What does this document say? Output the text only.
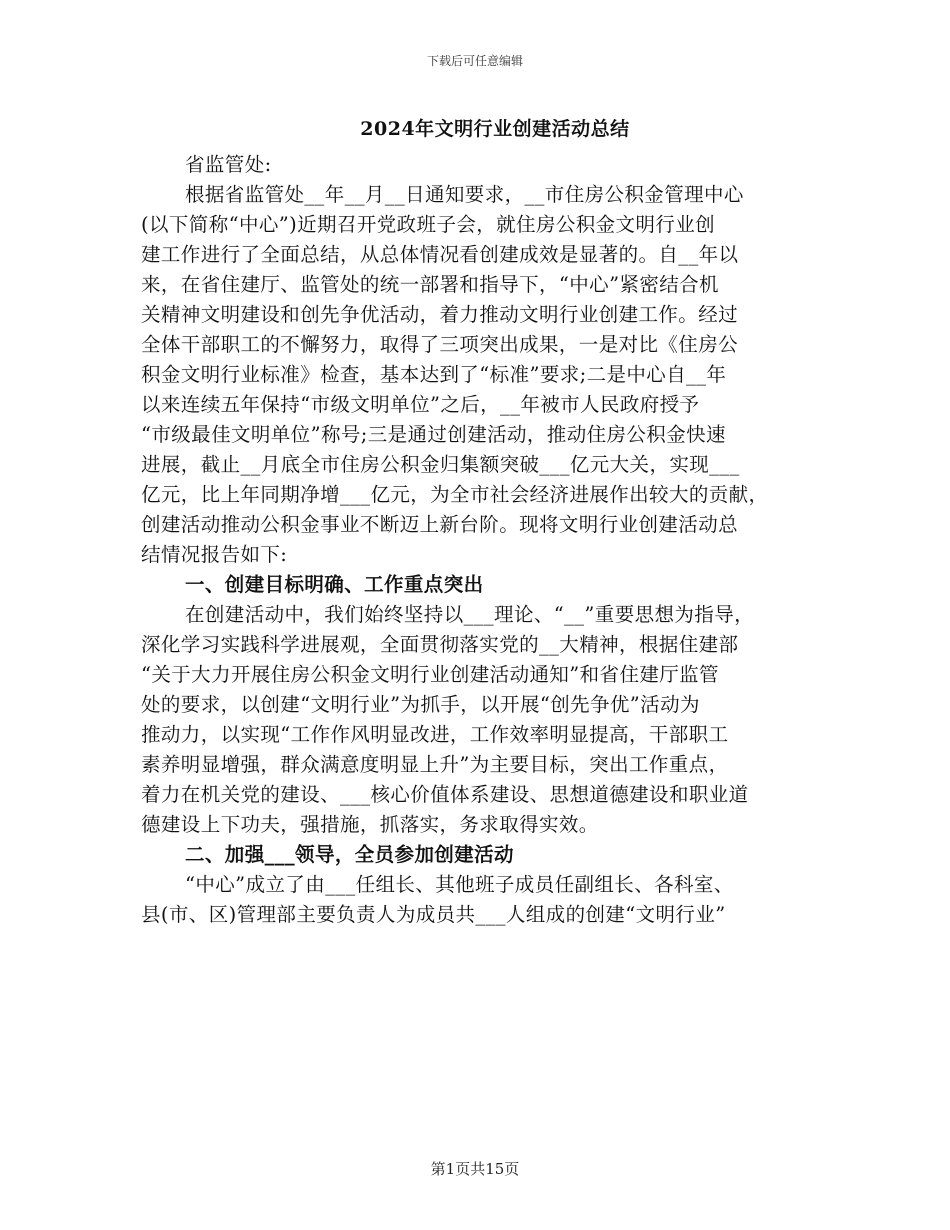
下载后可任意编辑
2024年文明行业创建活动总结
省监管处:
根据省监管处__年__月__日通知要求，__市住房公积金管理中心
(以下简称“中心”)近期召开党政班子会，就住房公积金文明行业创
建工作进行了全面总结，从总体情况看创建成效是显著的。自__年以
来，在省住建厅、监管处的统一部署和指导下，“中心”紧密结合机
关精神文明建设和创先争优活动，着力推动文明行业创建工作。经过
全体干部职工的不懈努力，取得了三项突出成果，一是对比《住房公
积金文明行业标准》检查，基本达到了“标准”要求;二是中心自__年
以来连续五年保持“市级文明单位”之后，__年被市人民政府授予
“市级最佳文明单位”称号;三是通过创建活动，推动住房公积金快速
进展，截止__月底全市住房公积金归集额突破___亿元大关，实现___
亿元，比上年同期净增___亿元，为全市社会经济进展作出较大的贡献，
创建活动推动公积金事业不断迈上新台阶。现将文明行业创建活动总
结情况报告如下:
一、创建目标明确、工作重点突出
在创建活动中，我们始终坚持以___理论、“__”重要思想为指导，
深化学习实践科学进展观，全面贯彻落实党的__大精神，根据住建部
“关于大力开展住房公积金文明行业创建活动通知”和省住建厅监管
处的要求，以创建“文明行业”为抓手，以开展“创先争优”活动为
推动力，以实现“工作作风明显改进，工作效率明显提高，干部职工
素养明显增强，群众满意度明显上升”为主要目标，突出工作重点，
着力在机关党的建设、___核心价值体系建设、思想道德建设和职业道
德建设上下功夫，强措施，抓落实，务求取得实效。
二、加强___领导，全员参加创建活动
“中心”成立了由___任组长、其他班子成员任副组长、各科室、
县(市、区)管理部主要负责人为成员共___人组成的创建“文明行业”
第1页共15页
